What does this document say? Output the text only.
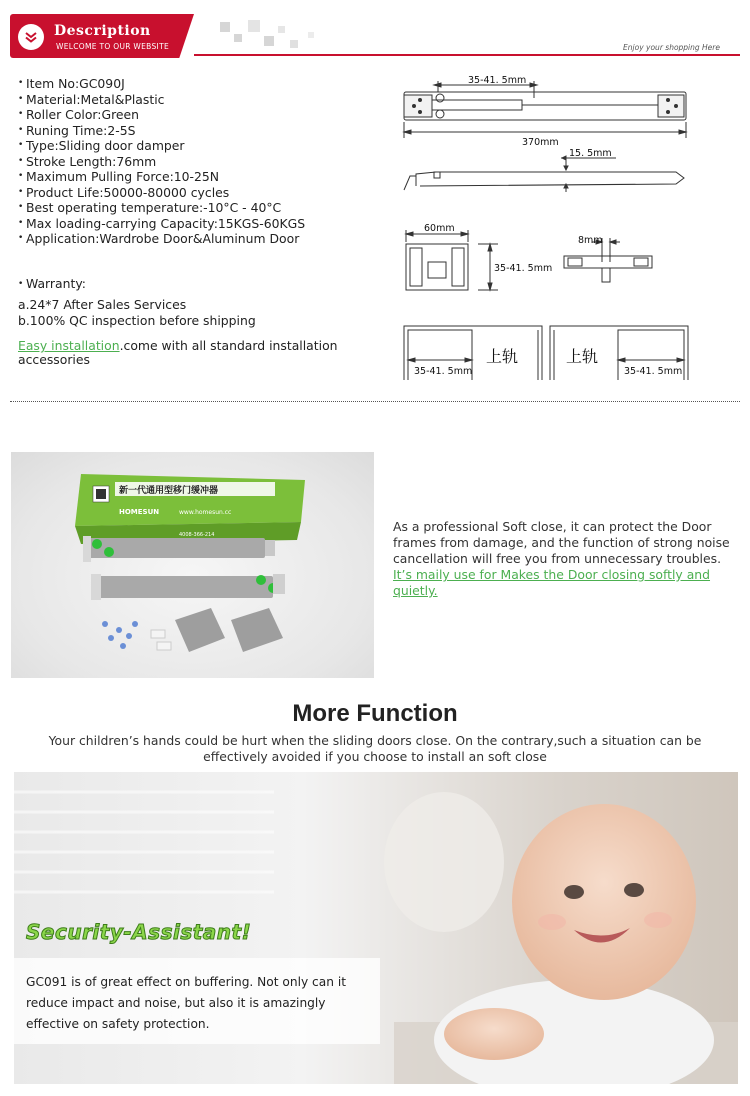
Description
WELCOME TO OUR WEBSITE	Enjoy your shopping Here
• Item No:GC090J
• Material:Metal&Plastic
• Roller Color:Green
• Runing Time:2-5S
• Type:Sliding door damper
• Stroke Length:76mm
• Maximum Pulling Force:10-25N
• Product Life:50000-80000 cycles
• Best operating temperature:-10°C - 40°C
• Max loading-carrying Capacity:15KGS-60KGS
• Application:Wardrobe Door&Aluminum Door
• Warranty:
a.24*7 After Sales Services
b.100% QC inspection before shipping
Easy installation.come with all standard installation accessories
35-41. 5mm
370mm
15. 5mm
60mm
35-41. 5mm
8mm
35-41. 5mm
上轨	上轨
35-41. 5mm
新一代通用型移门缓冲器
HOMESUN	www.homesun.cc
4008-366-214
As a professional Soft close, it can protect the Door frames from damage, and the function of strong noise cancellation will free you from unnecessary troubles.
It’s maily use for Makes the Door closing softly and quietly.
More Function
Your children’s hands could be hurt when the sliding doors close. On the contrary,such a situation can be effectively avoided if you choose to install an soft close
Security-Assistant!
GC091 is of great effect on buffering. Not only can it reduce impact and noise, but also it is amazingly effective on safety protection.
